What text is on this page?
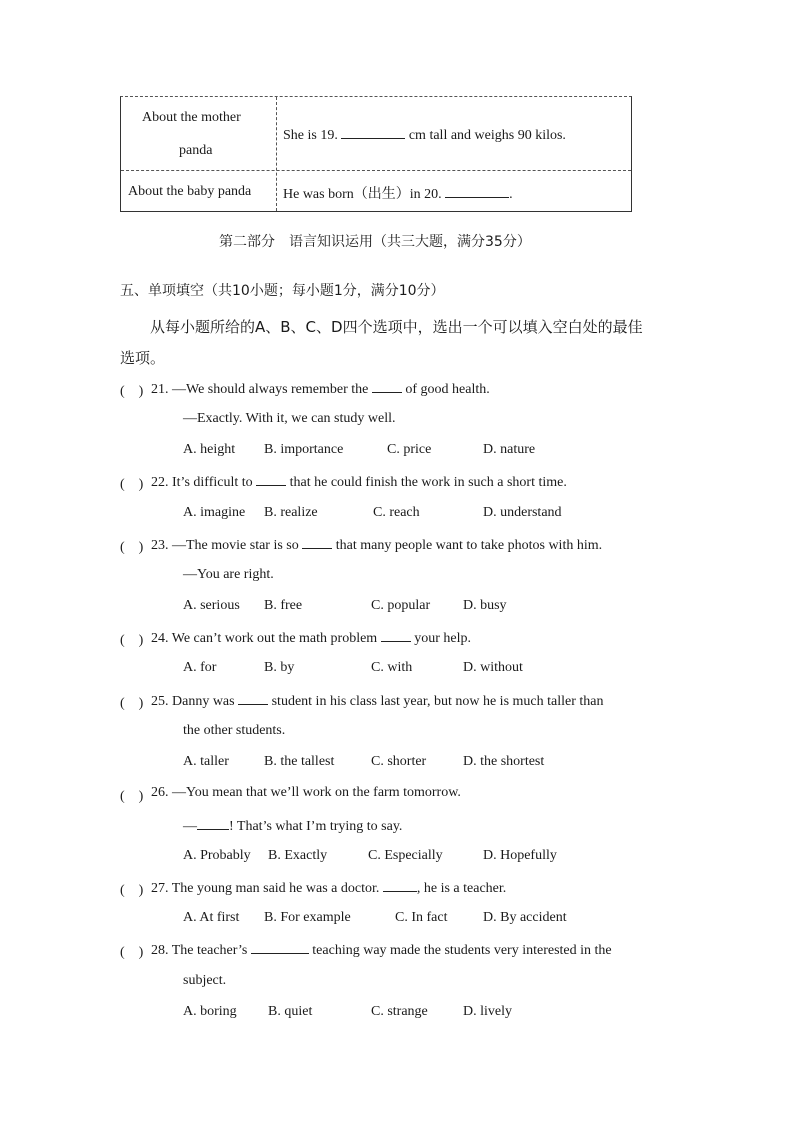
About the mother
panda
She is 19.	cm tall and weighs 90 kilos.
About the baby panda He was born（出生）in 20.	.
第二部分　语言知识运用（共三大题，满分35分）
五、单项填空（共10小题；每小题1分，满分10分）
从每小题所给的A、B、C、D四个选项中，选出一个可以填入空白处的最佳
选项。
(　) 21. —We should always remember the  of good health.
—Exactly. With it, we can study well.
A. height B. importance	C. price	D. nature
(　) 22. It’s difficult to  that he could finish the work in such a short time.
A. imagine B. realize	C. reach	D. understand
(　) 23. —The movie star is so  that many people want to take photos with him.
—You are right.
A. serious B. free	C. popular D. busy
(　) 24. We can’t work out the math problem  your help.
A. for	B. by	C. with	D. without
(　) 25. Danny was  student in his class last year, but now he is much taller than
the other students.
A. taller	B. the tallest	C. shorter	D. the shortest
(　) 26. —You mean that we’ll work on the farm tomorrow.
— ! That’s what I’m trying to say.
A. Probably B. Exactly	C. Especially	D. Hopefully
(　) 27. The young man said he was a doctor. , he is a teacher.
A. At first B. For example	C. In fact	D. By accident
(　) 28. The teacher’s	teaching way made the students very interested in the
subject.
A. boring B. quiet	C. strange	D. lively
